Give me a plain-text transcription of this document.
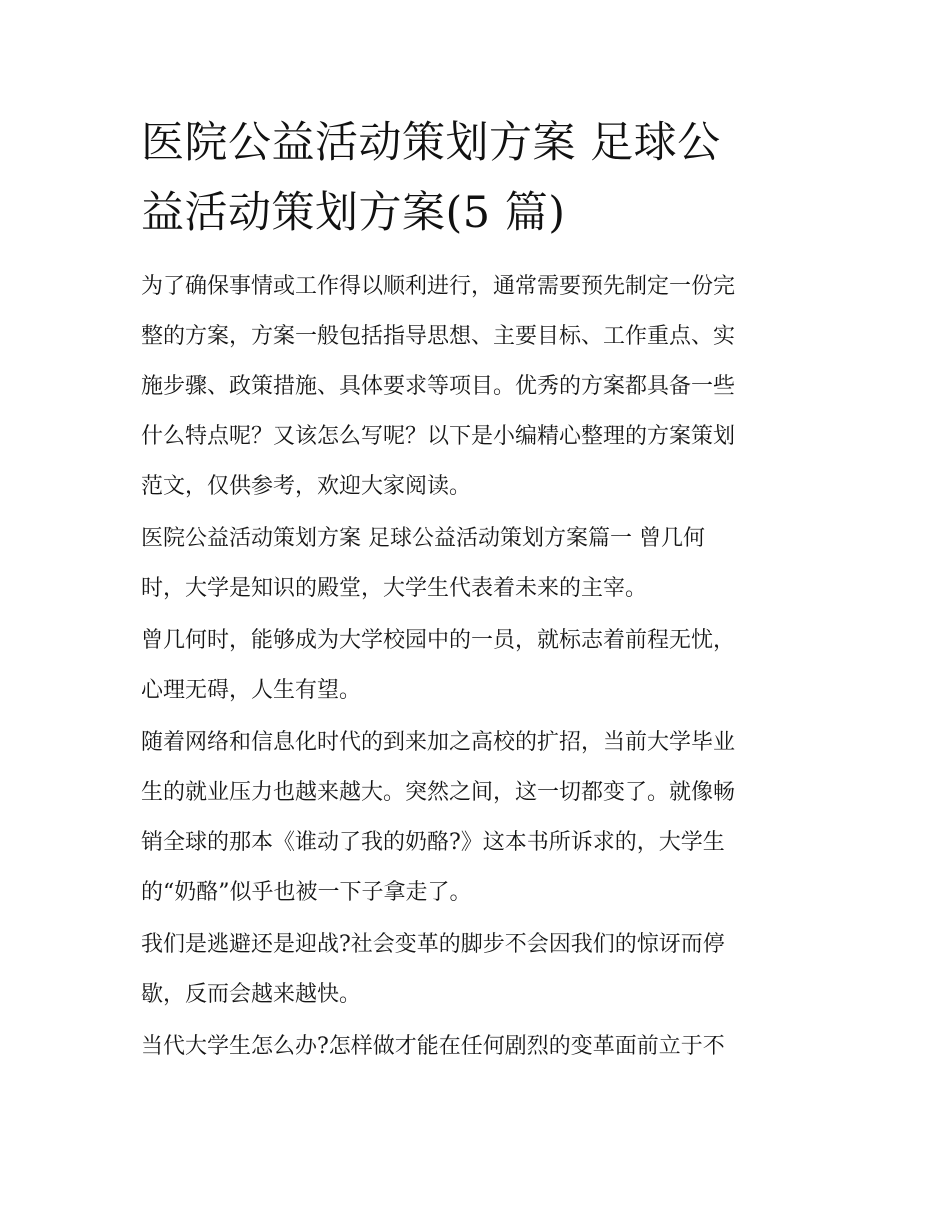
医院公益活动策划方案 足球公
益活动策划方案(5 篇)

为了确保事情或工作得以顺利进行，通常需要预先制定一份完
整的方案，方案一般包括指导思想、主要目标、工作重点、实
施步骤、政策措施、具体要求等项目。优秀的方案都具备一些
什么特点呢？又该怎么写呢？以下是小编精心整理的方案策划
范文，仅供参考，欢迎大家阅读。

医院公益活动策划方案 足球公益活动策划方案篇一 曾几何
时，大学是知识的殿堂，大学生代表着未来的主宰。

曾几何时，能够成为大学校园中的一员，就标志着前程无忧，
心理无碍，人生有望。

随着网络和信息化时代的到来加之高校的扩招，当前大学毕业
生的就业压力也越来越大。突然之间，这一切都变了。就像畅
销全球的那本《谁动了我的奶酪?》这本书所诉求的，大学生
的“奶酪”似乎也被一下子拿走了。

我们是逃避还是迎战?社会变革的脚步不会因我们的惊讶而停
歇，反而会越来越快。

当代大学生怎么办?怎样做才能在任何剧烈的变革面前立于不
